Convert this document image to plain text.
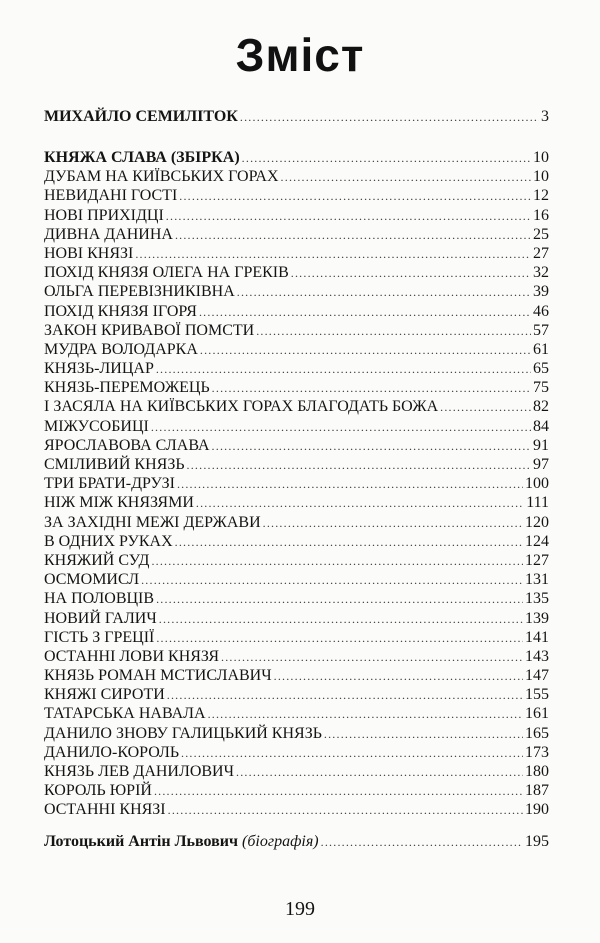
Зміст
МИХАЙЛО СЕМИЛІТОК .....	3
КНЯЖА СЛАВА (ЗБІРКА) .....	10
ДУБАМ НА КИЇВСЬКИХ ГОРАХ .....	10
НЕВИДАНІ ГОСТІ .....	12
НОВІ ПРИХІДЦІ .....	16
ДИВНА ДАНИНА .....	25
НОВІ КНЯЗІ .....	27
ПОХІД КНЯЗЯ ОЛЕГА НА ГРЕКІВ .....	32
ОЛЬГА ПЕРЕВІЗНИКІВНА .....	39
ПОХІД КНЯЗЯ ІГОРЯ .....	46
ЗАКОН КРИВАВОЇ ПОМСТИ .....	57
МУДРА ВОЛОДАРКА .....	61
КНЯЗЬ-ЛИЦАР .....	65
КНЯЗЬ-ПЕРЕМОЖЕЦЬ .....	75
І ЗАСЯЛА НА КИЇВСЬКИХ ГОРАХ БЛАГОДАТЬ БОЖА .....	82
МІЖУСОБИЦІ .....	84
ЯРОСЛАВОВА СЛАВА .....	91
СМІЛИВИЙ КНЯЗЬ .....	97
ТРИ БРАТИ-ДРУЗІ .....	100
НІЖ МІЖ КНЯЗЯМИ .....	111
ЗА ЗАХІДНІ МЕЖІ ДЕРЖАВИ .....	120
В ОДНИХ РУКАХ .....	124
КНЯЖИЙ СУД .....	127
ОСМОМИСЛ .....	131
НА ПОЛОВЦІВ .....	135
НОВИЙ ГАЛИЧ .....	139
ГІСТЬ З ГРЕЦІЇ .....	141
ОСТАННІ ЛОВИ КНЯЗЯ .....	143
КНЯЗЬ РОМАН МСТИСЛАВИЧ .....	147
КНЯЖІ СИРОТИ .....	155
ТАТАРСЬКА НАВАЛА .....	161
ДАНИЛО ЗНОВУ ГАЛИЦЬКИЙ КНЯЗЬ .....	165
ДАНИЛО-КОРОЛЬ .....	173
КНЯЗЬ ЛЕВ ДАНИЛОВИЧ .....	180
КОРОЛЬ ЮРІЙ .....	187
ОСТАННІ КНЯЗІ .....	190
Лотоцький Антін Львович (біографія) .....	195
199
